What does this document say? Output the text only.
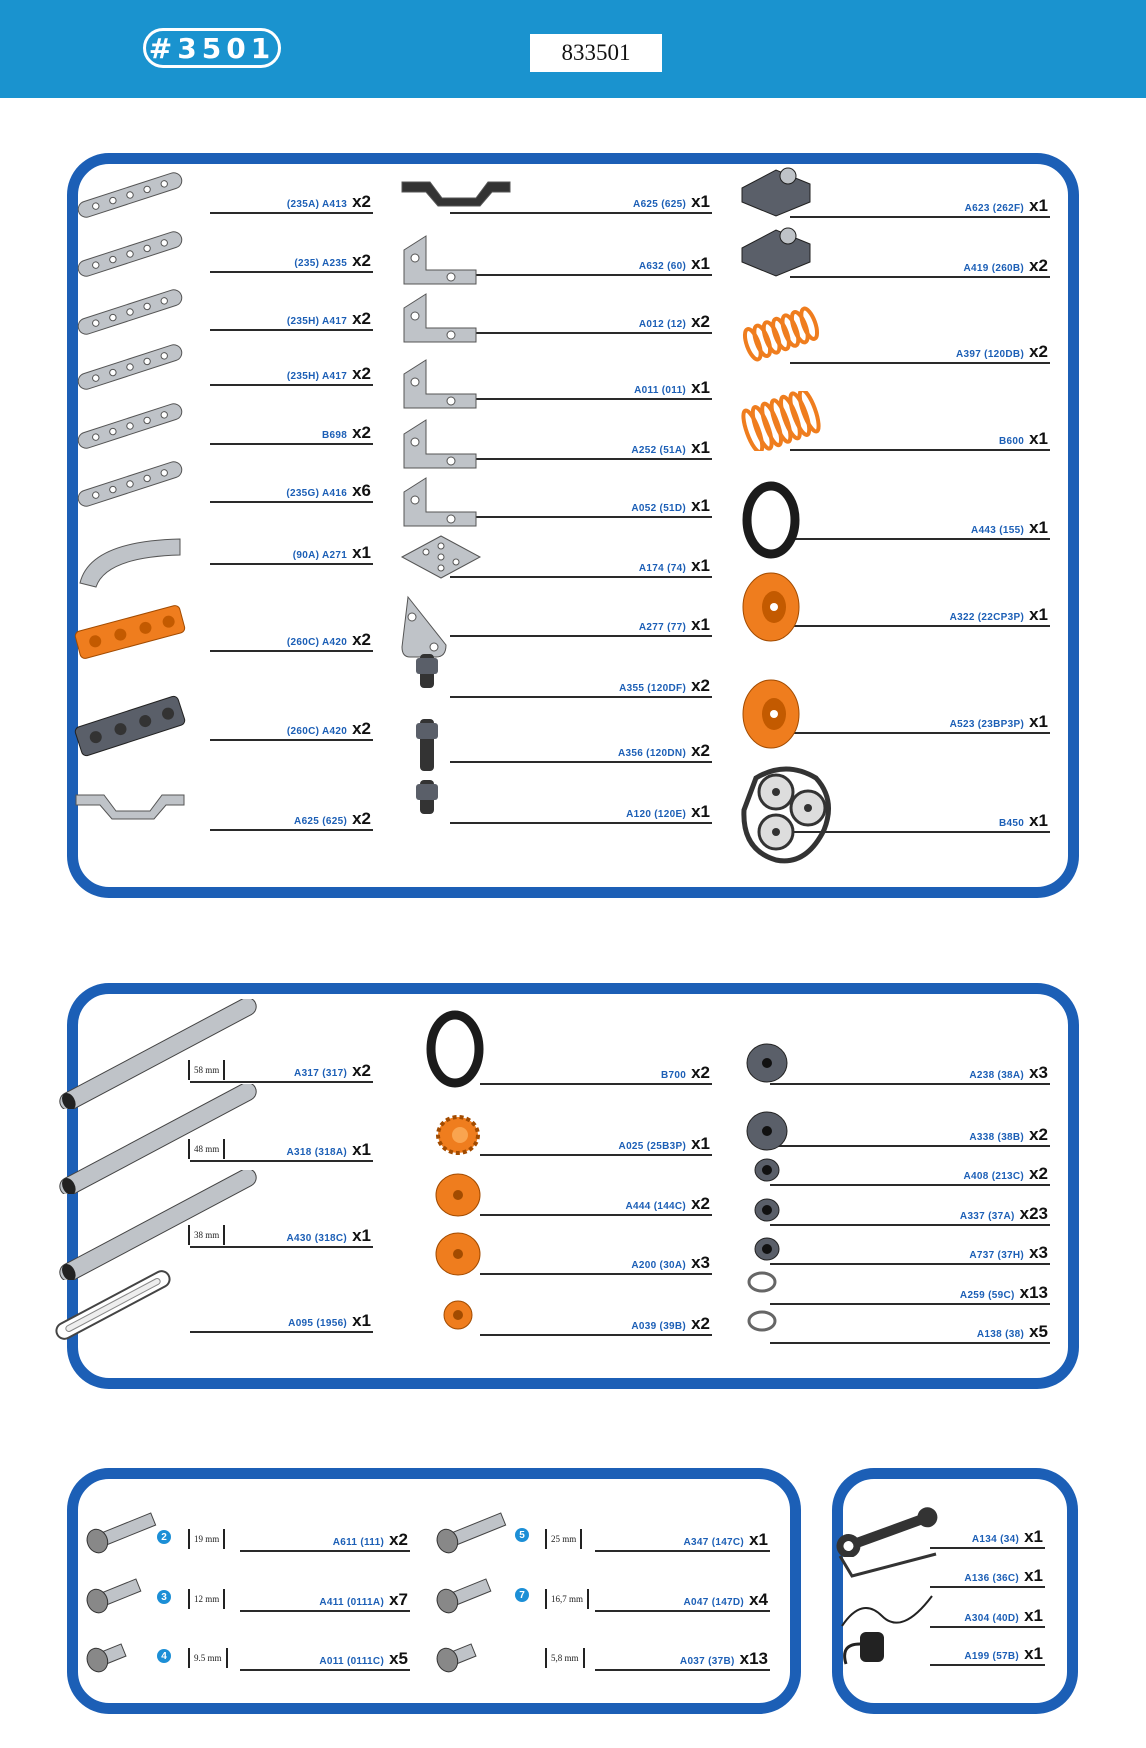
#3501	833501
(235A) A413 x2
(235) A235 x2
(235H) A417 x2
(235H) A417 x2
B698 x2
(235G) A416 x6
(90A) A271 x1
(260C) A420 x2
(260C) A420 x2
A625 (625) x2
A625 (625) x1
A632 (60) x1
A012 (12) x2
A011 (011) x1
A252 (51A) x1
A052 (51D) x1
A174 (74) x1
A277 (77) x1
A355 (120DF) x2
A356 (120DN) x2
A120 (120E) x1
A623 (262F) x1
A419 (260B) x2
A397 (120DB) x2
B600 x1
A443 (155) x1
A322 (22CP3P) x1
A523 (23BP3P) x1
B450 x1
A317 (317) x2
58 mm
A318 (318A) x1
48 mm
A430 (318C) x1
38 mm
A095 (1956) x1
B700 x2
A025 (25B3P) x1
A444 (144C) x2
A200 (30A) x3
A039 (39B) x2
A238 (38A) x3
A338 (38B) x2
A408 (213C) x2
A337 (37A) x23
A737 (37H) x3
A259 (59C) x13
A138 (38) x5
A611 (111) x2
19 mm
2
A411 (0111A) x7
12 mm
3
A011 (0111C) x5
9.5 mm
4
A347 (147C) x1
25 mm
5
A047 (147D) x4
16,7 mm
7
A037 (37B) x13
5,8 mm
A134 (34) x1
A136 (36C) x1
A304 (40D) x1
A199 (57B) x1
